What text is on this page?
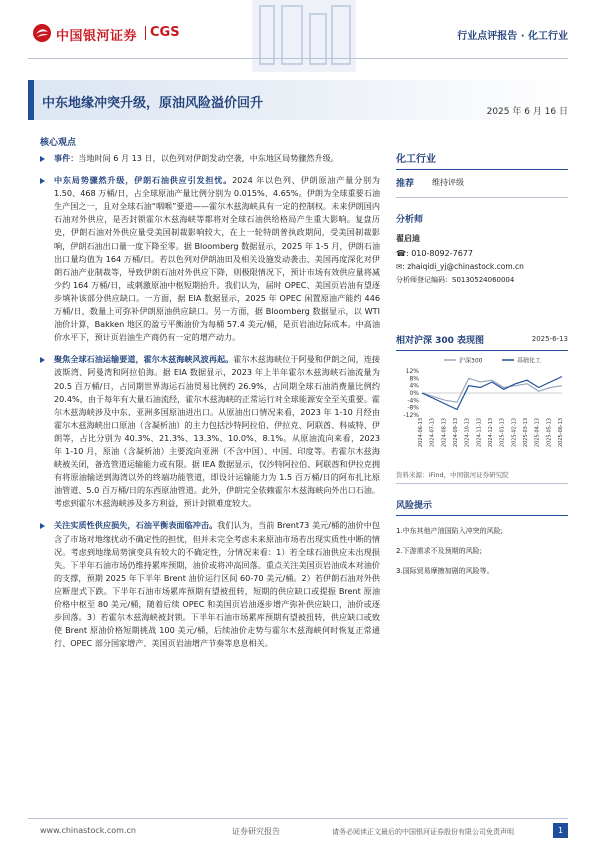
中国银河证券 CGS	行业点评报告 · 化工行业
中东地缘冲突升级，原油风险溢价回升
2025 年 6 月 16 日
核心观点
事件：当地时间 6 月 13 日，以色列对伊朗发动空袭，中东地区局势骤然升级。
中东局势骤然升级，伊朗石油供应引发担忧。2024 年以色列、伊朗原油产量分别为 1.50、468 万桶/日，占全球原油产量比例分别为 0.015%、4.65%。伊朗为全球重要石油生产国之一，且对全球石油“咽喉”要道——霍尔木兹海峡具有一定的控制权。未来伊朗国内石油对外供应，是否封锁霍尔木兹海峡等都将对全球石油供给格局产生重大影响。复盘历史，伊朗石油对外供应量受美国制裁影响较大，在上一轮特朗普执政期间，受美国制裁影响，伊朗石油出口量一度下降至零。据 Bloomberg 数据显示，2025 年 1-5 月，伊朗石油出口量均值为 164 万桶/日。若以色列对伊朗油田及相关设施发动袭击、美国再度深化对伊朗石油产业制裁等，导致伊朗石油对外供应下降，则极限情况下，预计市场有效供应量将减少约 164 万桶/日，或刺激原油中枢短期抬升。我们认为，届时 OPEC、美国页岩油有望逐步填补该部分供应缺口。一方面，据 EIA 数据显示，2025 年 OPEC 闲置原油产能约 446 万桶/日，数量上可弥补伊朗原油供应缺口。另一方面，据 Bloomberg 数据显示，以 WTI 油价计算，Bakken 地区的盈亏平衡油价为每桶 57.4 美元/桶，是页岩油边际成本。中高油价水平下，预计页岩油生产商仍有一定的增产动力。
聚焦全球石油运输要道，霍尔木兹海峡风波再起。霍尔木兹海峡位于阿曼和伊朗之间，连接波斯湾、阿曼湾和阿拉伯海。据 EIA 数据显示，2023 年上半年霍尔木兹海峡石油流量为 20.5 百万桶/日，占同期世界海运石油贸易比例约 26.9%，占同期全球石油消费量比例约 20.4%，由于每年有大量石油流经，霍尔木兹海峡的正常运行对全球能源安全至关重要。霍尔木兹海峡涉及中东、亚洲多国原油进出口。从原油出口情况来看，2023 年 1-10 月经由霍尔木兹海峡出口原油（含凝析油）的主力包括沙特阿拉伯、伊拉克、阿联酋、科威特、伊朗等，占比分别为 40.3%、21.3%、13.3%、10.0%、8.1%。从原油流向来看，2023 年 1-10 月，原油（含凝析油）主要流向亚洲（不含中国）、中国、印度等。若霍尔木兹海峡被关闭，备选管道运输能力或有限。据 IEA 数据显示，仅沙特阿拉伯、阿联酋和伊拉克拥有将原油输送到海湾以外的终端功能管道，即设计运输能力为 1.5 百万桶/日的阿布扎比原油管道、5.0 百万桶/日的东西原油管道。此外，伊朗完全依赖霍尔木兹海峡向外出口石油。考虑到霍尔木兹海峡涉及多方利益，预计封锁难度较大。
关注实质性供应损失，石油平衡表面临冲击。我们认为，当前 Brent73 美元/桶的油价中包含了市场对地缘扰动不确定性的担忧，但并未完全考虑未来原油市场若出现实质性中断的情况。考虑到地缘局势演变具有较大的不确定性，分情况来看：1）若全球石油供应未出现损失。下半年石油市场仍维持累库预期，油价或将冲高回落。重点关注美国页岩油成本对油价的支撑，预期 2025 年下半年 Brent 油价运行区间 60-70 美元/桶。2）若伊朗石油对外供应断崖式下跌。下半年石油市场累库预期有望被扭转，短期的供应缺口或提振 Brent 原油价格中枢至 80 美元/桶，随着后续 OPEC 和美国页岩油逐步增产弥补供应缺口，油价或逐步回落。3）若霍尔木兹海峡被封锁。下半年石油市场累库预期有望被扭转，供应缺口或致使 Brent 原油价格短期挑战 100 美元/桶，后续油价走势与霍尔木兹海峡何时恢复正常通行、OPEC 部分国家增产、美国页岩油增产节奏等息息相关。
化工行业
推荐 维持评级
分析师
翟启迪
☎: 010-8092-7677
✉: zhaiqidi_yj@chinastock.com.cn
分析师登记编码：S0130524060004
相对沪深 300 表现图	2025-6-13
沪深300	基础化工
12%
8%
4%
0%
-4%
-8%
-12%
2024-06-13 2024-07-13 2024-08-13 2024-09-13 2024-10-13 2024-11-13 2024-12-13 2025-01-13 2025-02-13 2025-03-13 2025-04-13 2025-05-13 2025-06-13
资料来源：iFind，中国银河证券研究院
风险提示
1.中东其他产油国陷入冲突的风险;
2.下游需求不及预期的风险;
3.国际贸易摩擦加剧的风险等。
www.chinastock.com.cn	证券研究报告	请务必阅读正文最后的中国银河证券股份有限公司免责声明	1
